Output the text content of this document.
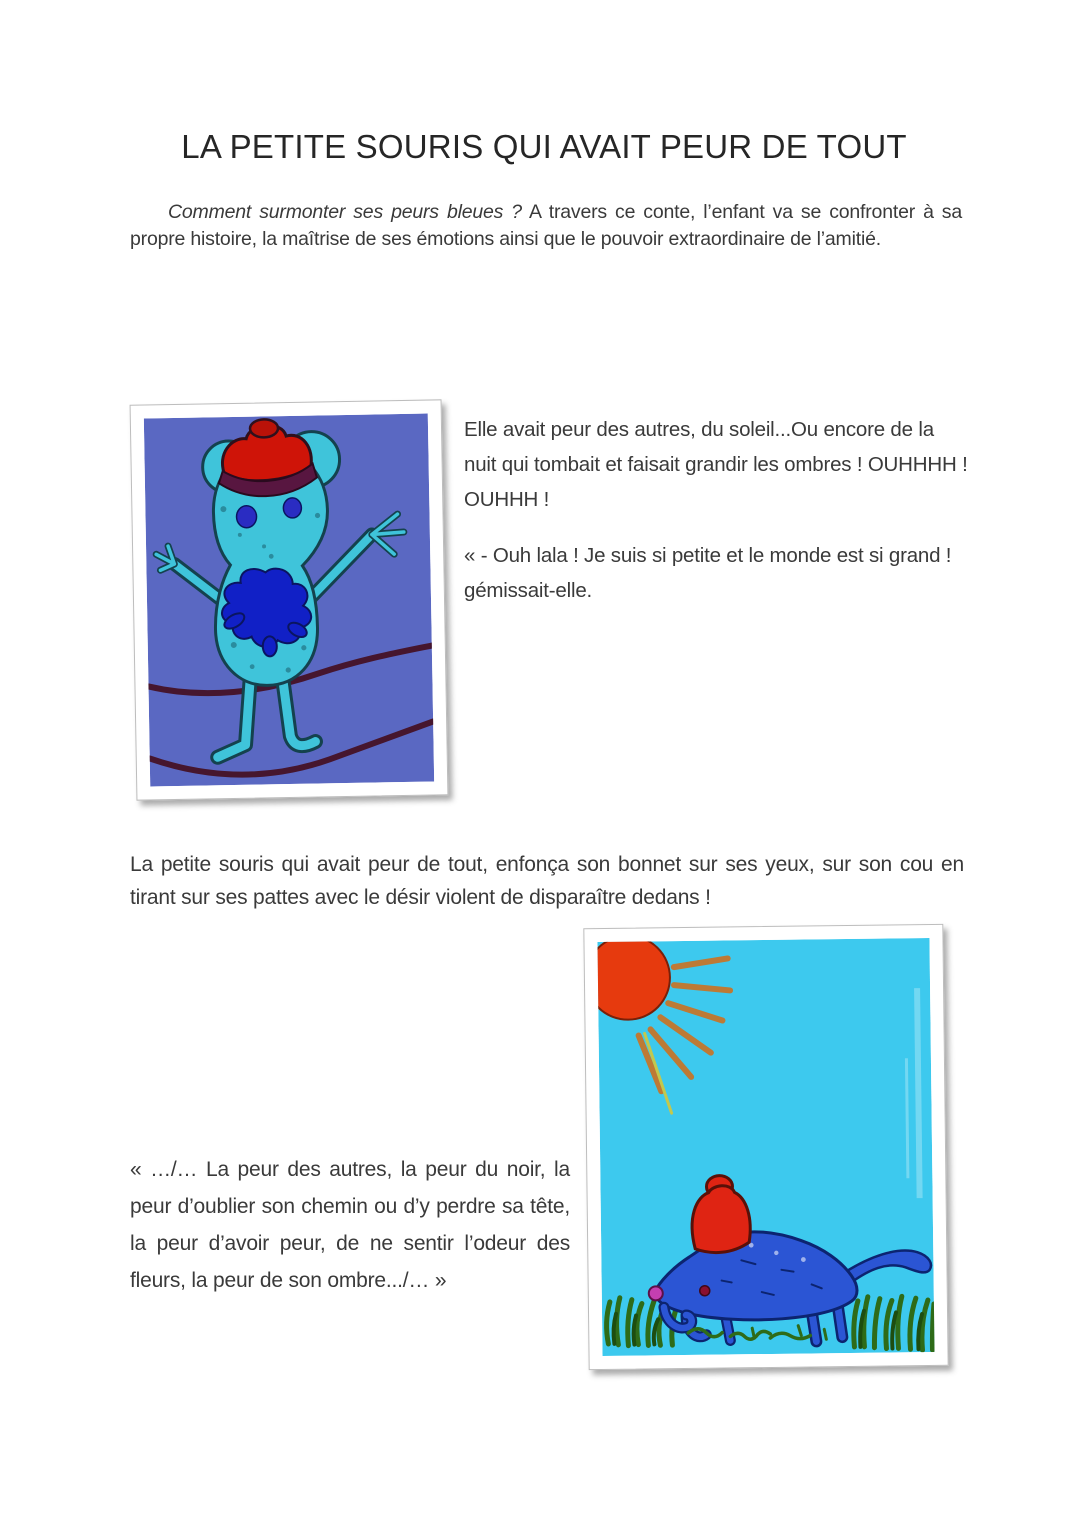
LA PETITE SOURIS QUI AVAIT PEUR DE TOUT

Comment surmonter ses peurs bleues ? A travers ce conte, l’enfant va se confronter à sa propre histoire, la maîtrise de ses émotions ainsi que le pouvoir extraordinaire de l’amitié.

Elle avait peur des autres, du soleil...Ou encore de la nuit qui tombait et faisait grandir les ombres ! OUHHHH ! OUHHH !

« - Ouh lala ! Je suis si petite et le monde est si grand ! gémissait-elle.

La petite souris qui avait peur de tout, enfonça son bonnet sur ses yeux, sur son cou en tirant sur ses pattes avec le désir violent de disparaître dedans !

« …/… La peur des autres, la peur du noir, la peur d’oublier son chemin ou d’y perdre sa tête, la peur d’avoir peur, de ne sentir l’odeur des fleurs, la peur de son ombre.../… »
